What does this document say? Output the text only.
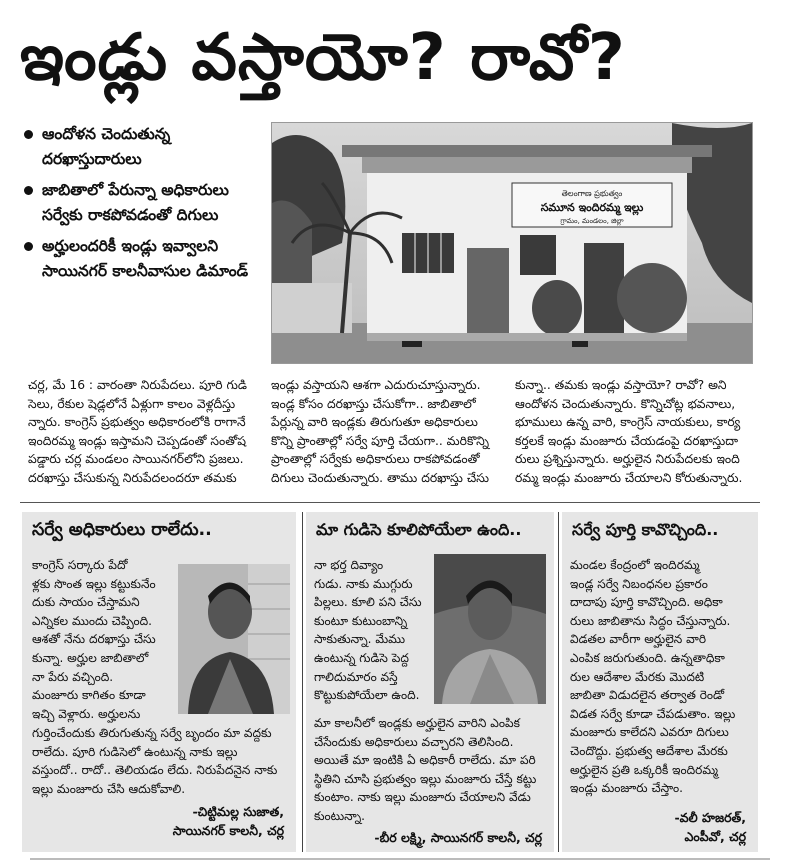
ఇండ్లు వస్తాయో? రావో?
ఆందోళన చెందుతున్న దరఖాస్తుదారులు
జాబితాలో పేరున్నా అధికారులు సర్వేకు రాకపోవడంతో దిగులు
అర్హులందరికీ ఇండ్లు ఇవ్వాలని సాయినగర్ కాలనీవాసుల డిమాండ్
తెలంగాణ ప్రభుత్వం
సమూన ఇందిరమ్మ ఇల్లు
గ్రామం, మండలం, జిల్లా

చర్ల, మే 16 : వారంతా నిరుపేదలు. పూరి గుడి
సెలు, రేకుల షెడ్లలోనే ఏళ్లుగా కాలం వెళ్లదీస్తు
న్నారు. కాంగ్రెస్ ప్రభుత్వం అధికారంలోకి రాగానే
ఇందిరమ్మ ఇండ్లు ఇస్తామని చెప్పడంతో సంతోష
పడ్డారు చర్ల మండలం సాయినగర్‌లోని ప్రజలు.
దరఖాస్తు చేసుకున్న నిరుపేదలందరూ తమకు

ఇండ్లు వస్తాయని ఆశగా ఎదురుచూస్తున్నారు.
ఇండ్ల కోసం దరఖాస్తు చేసుకోగా.. జాబితాలో
పేర్లున్న వారి ఇండ్లకు తిరుగుతూ అధికారులు
కొన్ని ప్రాంతాల్లో సర్వే పూర్తి చేయగా.. మరికొన్ని
ప్రాంతాల్లో సర్వేకు అధికారులు రాకపోవడంతో
దిగులు చెందుతున్నారు. తాము దరఖాస్తు చేసు

కున్నా.. తమకు ఇండ్లు వస్తాయో? రావో? అని
ఆందోళన చెందుతున్నారు. కొన్నిచోట్ల భవనాలు,
భూములు ఉన్న వారి, కాంగ్రెస్ నాయకులు, కార్య
కర్తలకే ఇండ్లు మంజూరు చేయడంపై దరఖాస్తుదా
రులు ప్రశ్నిస్తున్నారు. అర్హులైన నిరుపేదలకు ఇంది
రమ్మ ఇండ్లు మంజూరు చేయాలని కోరుతున్నారు.

సర్వే అధికారులు రాలేదు..
కాంగ్రెస్ సర్కారు పేదో
ళ్లకు సొంత ఇల్లు కట్టుకునేం
దుకు సాయం చేస్తామని
ఎన్నికల ముందు చెప్పింది.
ఆశతో నేను దరఖాస్తు చేసు
కున్నా. అర్హుల జాబితాలో
నా పేరు వచ్చింది.
మంజూరు కాగితం కూడా
ఇచ్చి వెళ్లారు. అర్హులను
గుర్తించేందుకు తిరుగుతున్న సర్వే బృందం మా వద్దకు
రాలేదు. పూరి గుడిసెలో ఉంటున్న నాకు ఇల్లు
వస్తుందో.. రాదో.. తెలియడం లేదు. నిరుపేదనైన నాకు
ఇల్లు మంజూరు చేసి ఆదుకోవాలి.
-చిట్టిమల్ల సుజాత,
సాయినగర్ కాలనీ, చర్ల
మా గుడిసె కూలిపోయేలా ఉంది..
నా భర్త దివ్యాం
గుడు. నాకు ముగ్గురు
పిల్లలు. కూలి పని చేసు
కుంటూ కుటుంబాన్ని
సాకుతున్నా. మేము
ఉంటున్న గుడిసె పెద్ద
గాలిదుమారం వస్తే
కొట్టుకుపోయేలా ఉంది.
మా కాలనీలో ఇండ్లకు అర్హులైన వారిని ఎంపిక
చేసేందుకు అధికారులు వచ్చారని తెలిసింది.
అయితే మా ఇంటికి ఏ అధికారీ రాలేదు. మా పరి
స్థితిని చూసి ప్రభుత్వం ఇల్లు మంజూరు చేస్తే కట్టు
కుంటాం. నాకు ఇల్లు మంజూరు చేయాలని వేడు
కుంటున్నా.
-బీర లక్ష్మి, సాయినగర్ కాలనీ, చర్ల
సర్వే పూర్తి కావొచ్చింది..
మండల కేంద్రంలో ఇందిరమ్మ
ఇండ్ల సర్వే నిబంధనల ప్రకారం
దాదాపు పూర్తి కావొచ్చింది. అధికా
రులు జాబితాను సిద్ధం చేస్తున్నారు.
విడతల వారీగా అర్హులైన వారి
ఎంపిక జరుగుతుంది. ఉన్నతాధికా
రుల ఆదేశాల మేరకు మొదటి
జాబితా విడుదలైన తర్వాత రెండో
విడత సర్వే కూడా చేపడుతాం. ఇల్లు
మంజూరు కాలేదని ఎవరూ దిగులు
చెందొద్దు. ప్రభుత్వ ఆదేశాల మేరకు
అర్హులైన ప్రతి ఒక్కరికీ ఇందిరమ్మ
ఇండ్లు మంజూరు చేస్తాం.
-వలీ హజరత్,
ఎంపీవో, చర్ల
